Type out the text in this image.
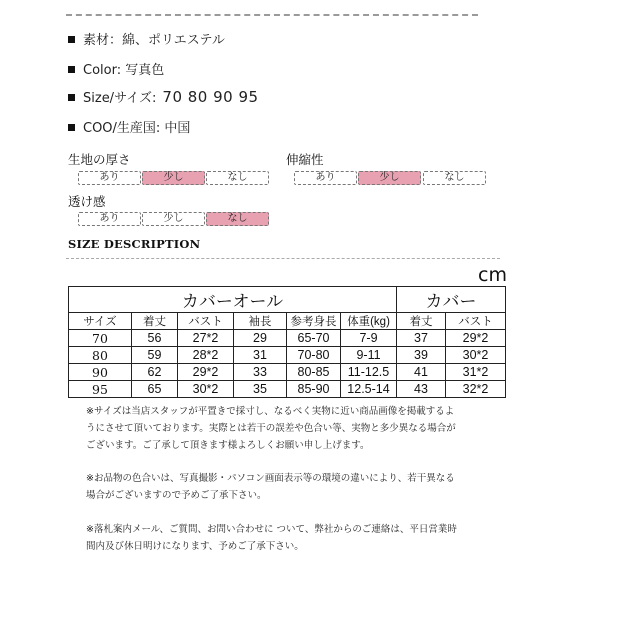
素材：綿、ポリエステル
Color: 写真色
Size/サイズ: 70 80 90 95
COO/生産国: 中国
生地の厚さ
あり	少し	なし
伸縮性
あり	少し	なし
透け感
あり	少し	なし
SIZE DESCRIPTION
cm
カバーオール						カバー	
サイズ	着丈	バスト	袖長	参考身長	体重(kg)	着丈	バスト
70	56	27*2	29	65-70	7-9	37	29*2
80	59	28*2	31	70-80	9-11	39	30*2
90	62	29*2	33	80-85	11-12.5	41	31*2
95	65	30*2	35	85-90	12.5-14	43	32*2
※サイズは当店スタッフが平置きで採寸し、なるべく実物に近い商品画像を掲載するよ
うにさせて頂いております。実際とは若干の誤差や色合い等、実物と多少異なる場合が
ございます。ご了承して頂きます様よろしくお願い申し上げます。
※お品物の色合いは、写真撮影・パソコン画面表示等の環境の違いにより、若干異なる
場合がございますので予めご了承下さい。
※落札案内メール、ご質問、お問い合わせに ついて、弊社からのご連絡は、平日営業時
間内及び休日明けになります、予めご了承下さい。
